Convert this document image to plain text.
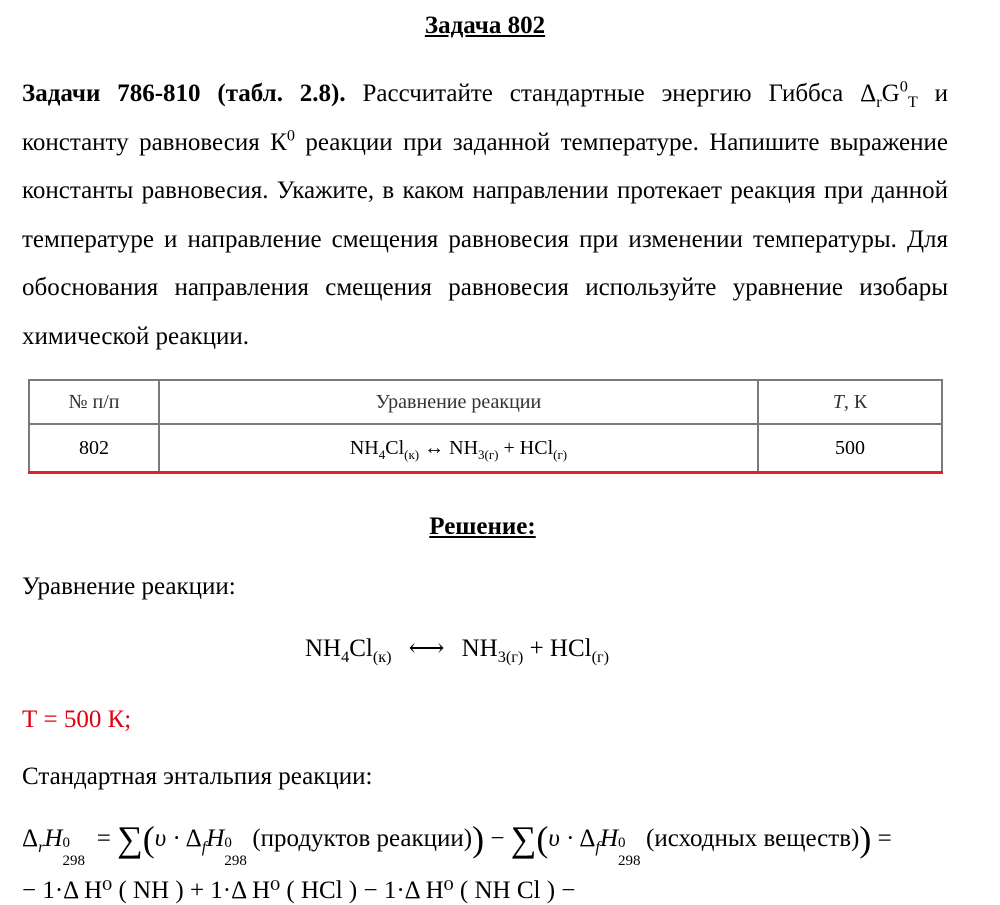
Задача 802
Задачи 786-810 (табл. 2.8). Рассчитайте стандартные энергию Гиббса $\Delta_rG^0_T$ и константу равновесия $К^0$ реакции при заданной температуре. Напишите выражение константы равновесия. Укажите, в каком направлении протекает реакция при данной температуре и направление смещения равновесия при изменении температуры. Для обоснования направления смещения равновесия используйте уравнение изобары химической реакции.
№ п/п	Уравнение реакции	T, К
802	$NH_4Cl_{(к)}$ ↔ $NH_{3(г)} + HCl_{(г)}$	500
Решение:
Уравнение реакции:
$NH_4Cl_{(к)}$ ⟷ $NH_{3(г)} + HCl_{(г)}$
Т = 500 К;
Стандартная энтальпия реакции:
$\Delta_rH$ 0
298
= $\sum(\upsilon \cdot \Delta_fH$ 0
298
(продуктов реакции)) − $\sum(\upsilon \cdot \Delta_fH$ 0
298
(исходных веществ)) =
− 1·Δ H⁰ ( NH ) + 1·Δ H⁰ ( HCl ) − 1·Δ H⁰ ( NH Cl ) −
